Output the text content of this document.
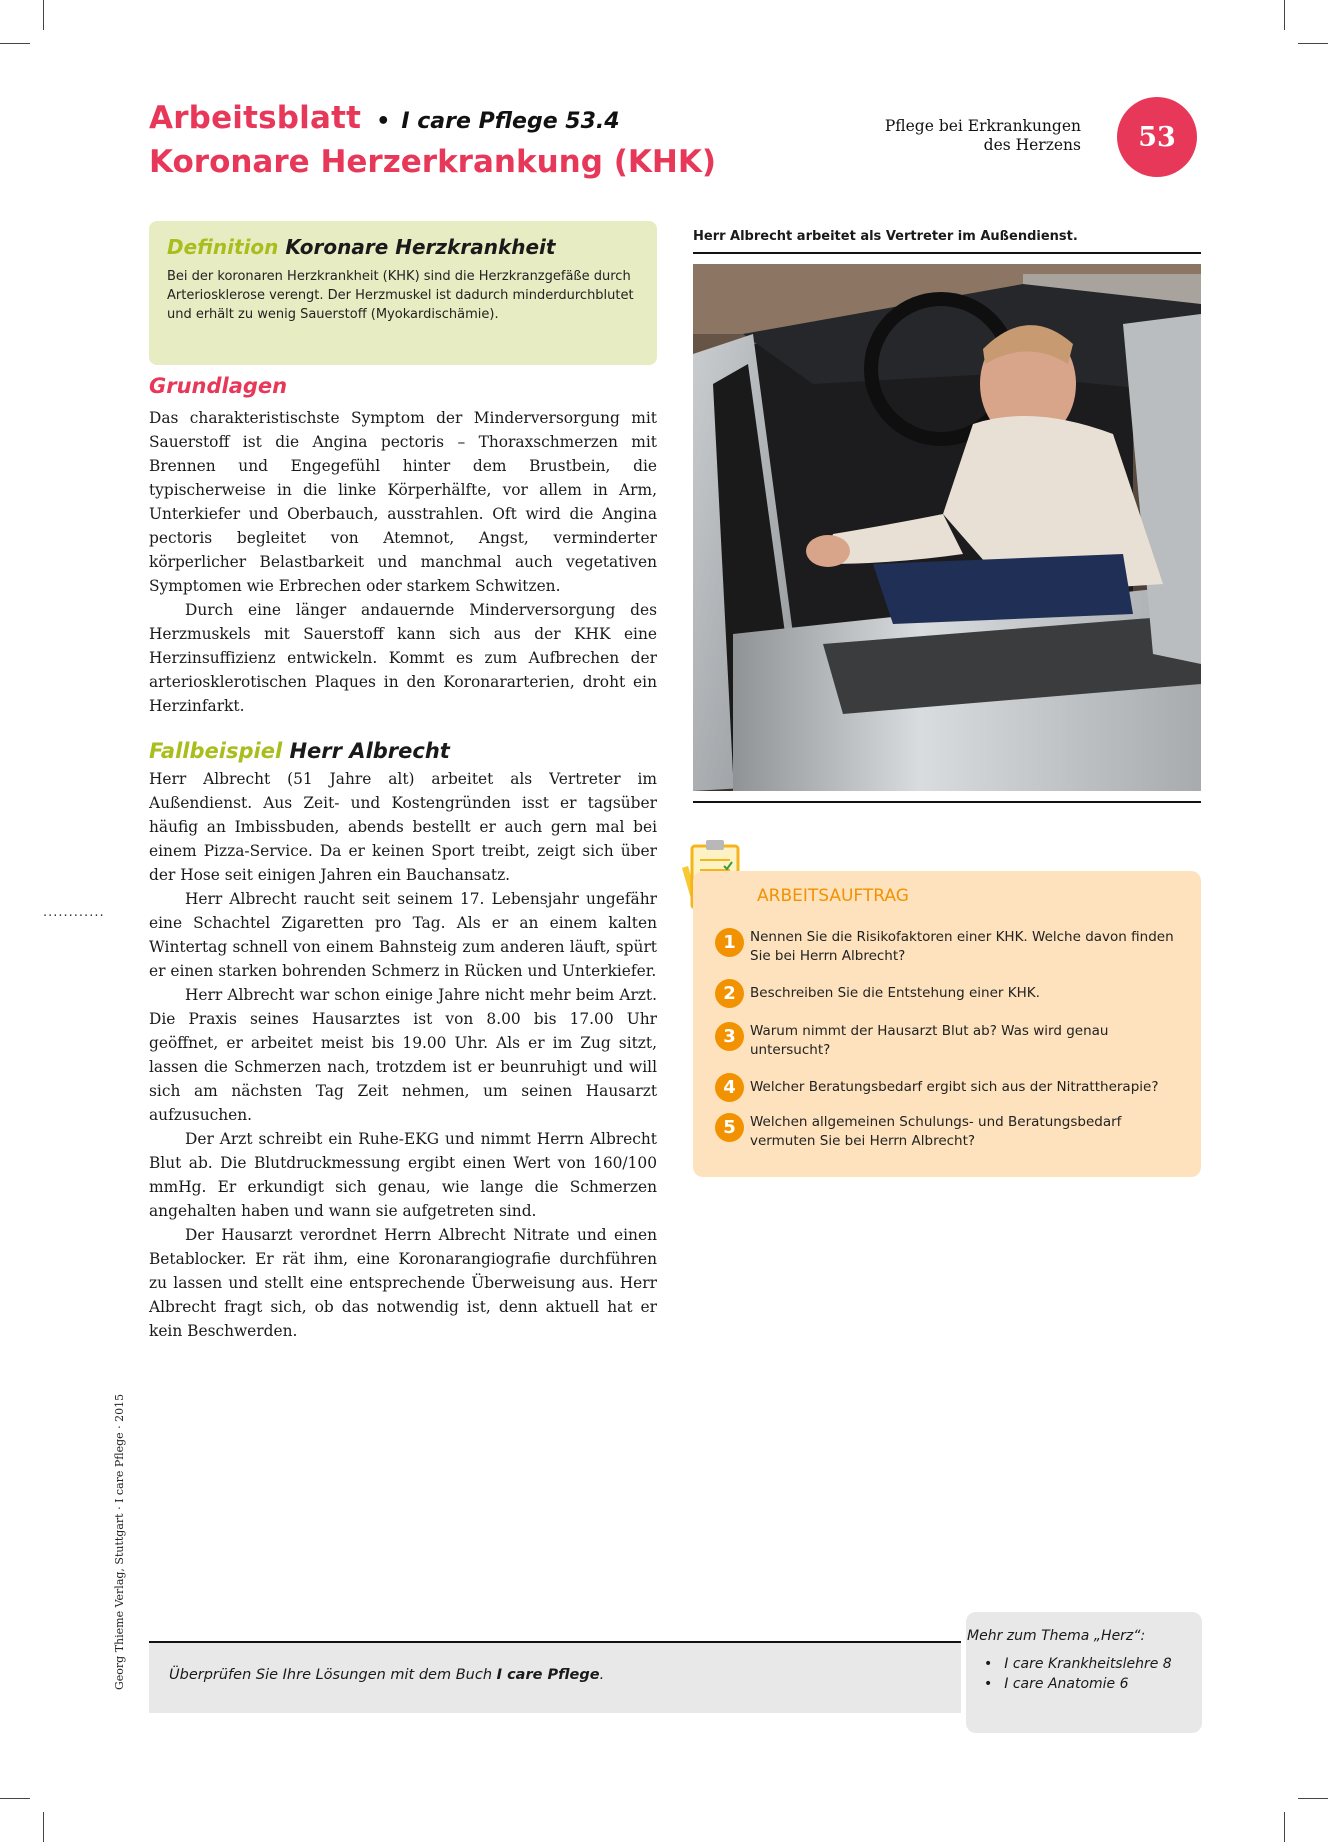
Arbeitsblatt • I care Pflege 53.4
Koronare Herzerkrankung (KHK)
Pflege bei Erkrankungen
des Herzens	53
Definition Koronare Herzkrankheit
Bei der koronaren Herzkrankheit (KHK) sind die Herzkranzgefäße durch Arteriosklerose verengt. Der Herzmuskel ist dadurch minderdurchblutet und erhält zu wenig Sauerstoff (Myokardischämie).
Grundlagen

Das charakteristischste Symptom der Minderversorgung mit Sauerstoff ist die Angina pectoris – Thoraxschmerzen mit Brennen und Engegefühl hinter dem Brustbein, die typischerweise in die linke Körperhälfte, vor allem in Arm, Unterkiefer und Oberbauch, ausstrahlen. Oft wird die Angina pectoris begleitet von Atemnot, Angst, verminderter körperlicher Belastbarkeit und manchmal auch vegetativen Symptomen wie Erbrechen oder starkem Schwitzen.

Durch eine länger andauernde Minderversorgung des Herzmuskels mit Sauerstoff kann sich aus der KHK eine Herzinsuffizienz entwickeln. Kommt es zum Aufbrechen der arteriosklerotischen Plaques in den Koronararterien, droht ein Herzinfarkt.

Fallbeispiel Herr Albrecht

Herr Albrecht (51 Jahre alt) arbeitet als Vertreter im Außendienst. Aus Zeit- und Kostengründen isst er tagsüber häufig an Imbissbuden, abends bestellt er auch gern mal bei einem Pizza-Service. Da er keinen Sport treibt, zeigt sich über der Hose seit einigen Jahren ein Bauchansatz.

Herr Albrecht raucht seit seinem 17. Lebensjahr ungefähr eine Schachtel Zigaretten pro Tag. Als er an einem kalten Wintertag schnell von einem Bahnsteig zum anderen läuft, spürt er einen starken bohrenden Schmerz in Rücken und Unterkiefer.

Herr Albrecht war schon einige Jahre nicht mehr beim Arzt. Die Praxis seines Hausarztes ist von 8.00 bis 17.00 Uhr geöffnet, er arbeitet meist bis 19.00 Uhr. Als er im Zug sitzt, lassen die Schmerzen nach, trotzdem ist er beunruhigt und will sich am nächsten Tag Zeit nehmen, um seinen Hausarzt aufzusuchen.

Der Arzt schreibt ein Ruhe-EKG und nimmt Herrn Albrecht Blut ab. Die Blutdruckmessung ergibt einen Wert von 160/100 mmHg. Er erkundigt sich genau, wie lange die Schmerzen angehalten haben und wann sie aufgetreten sind.

Der Hausarzt verordnet Herrn Albrecht Nitrate und einen Betablocker. Er rät ihm, eine Koronarangiografie durchführen zu lassen und stellt eine entsprechende Überweisung aus. Herr Albrecht fragt sich, ob das notwendig ist, denn aktuell hat er kein Beschwerden.

............
Herr Albrecht arbeitet als Vertreter im Außendienst.
ARBEITSAUFTRAG
1	Nennen Sie die Risikofaktoren einer KHK. Welche davon finden Sie bei Herrn Albrecht?
2	Beschreiben Sie die Entstehung einer KHK.
3	Warum nimmt der Hausarzt Blut ab? Was wird genau untersucht?
4	Welcher Beratungsbedarf ergibt sich aus der Nitrattherapie?
5	Welchen allgemeinen Schulungs- und Beratungsbedarf vermuten Sie bei Herrn Albrecht?
Georg Thieme Verlag, Stuttgart · I care Pflege · 2015	Überprüfen Sie Ihre Lösungen mit dem Buch I care Pflege.
Mehr zum Thema „Herz“:
• I care Krankheitslehre 8
• I care Anatomie 6
